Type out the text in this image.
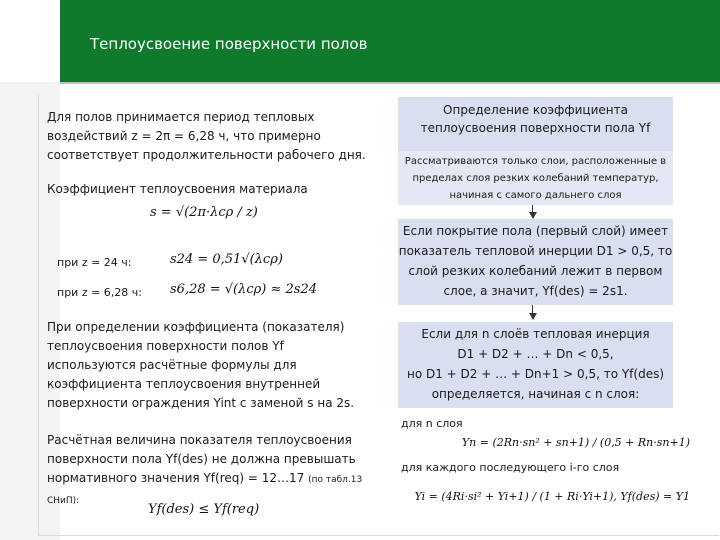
Теплоусвоение поверхности полов
Для полов принимается период тепловых
воздействий z = 2π = 6,28 ч, что примерно
соответствует продолжительности рабочего дня.
Коэффициент теплоусвоения материала
s = √(2π·λcρ / z)
при z = 24 ч:	s24 = 0,51√(λcρ)
при z = 6,28 ч: s6,28 = √(λcρ) ≈ 2s24
При определении коэффициента (показателя)
теплоусвоения поверхности полов Yf
используются расчётные формулы для
коэффициента теплоусвоения внутренней
поверхности ограждения Yint с заменой s на 2s.
Расчётная величина показателя теплоусвоения
поверхности пола Yf(des) не должна превышать
нормативного значения Yf(req) = 12…17 (по табл.13 СНиП):
Yf(des) ≤ Yf(req)
Определение коэффициента
теплоусвоения поверхности пола Yf
Рассматриваются только слои, расположенные в
пределах слоя резких колебаний температур,
начиная с самого дальнего слоя
Если покрытие пола (первый слой) имеет
показатель тепловой инерции D1 > 0,5, то
слой резких колебаний лежит в первом
слое, а значит, Yf(des) = 2s1.
Если для n слоёв тепловая инерция
D1 + D2 + … + Dn < 0,5,
но D1 + D2 + … + Dn+1 > 0,5, то Yf(des)
определяется, начиная с n слоя:
для n слоя
Yn = (2Rn·sn² + sn+1) / (0,5 + Rn·sn+1)
для каждого последующего i-го слоя
Yi = (4Ri·si² + Yi+1) / (1 + Ri·Yi+1), Yf(des) = Y1
